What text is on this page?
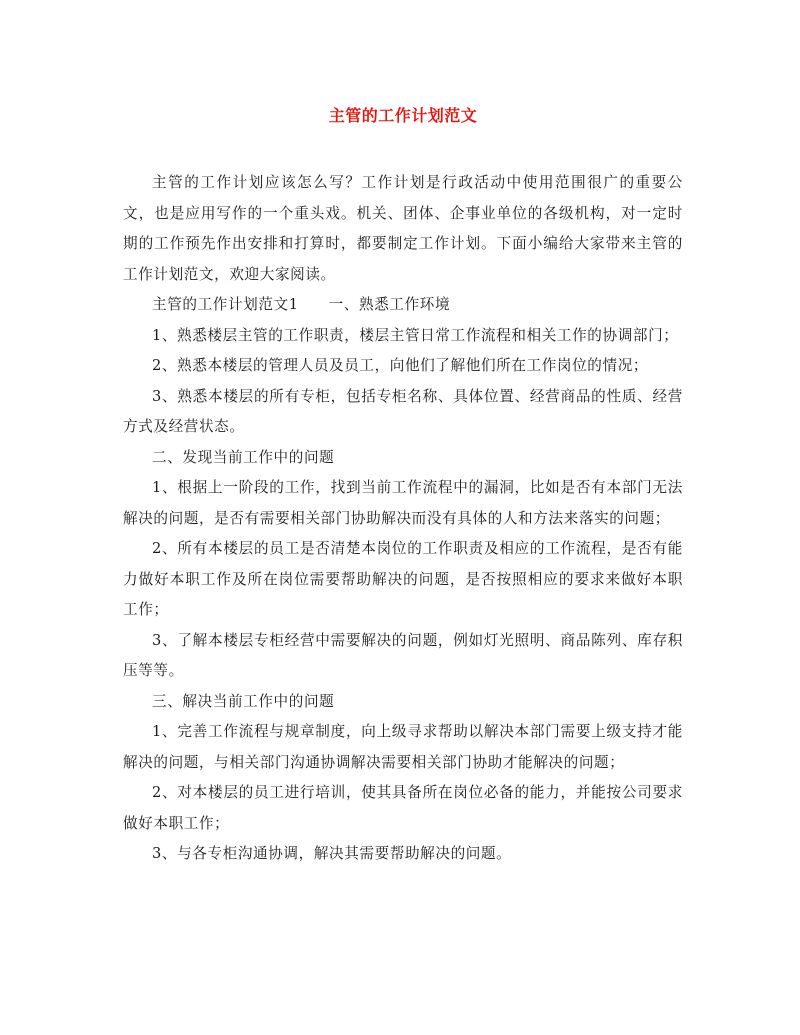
主管的工作计划范文

主管的工作计划应该怎么写？工作计划是行政活动中使用范围很广的重要公文，也是应用写作的一个重头戏。机关、团体、企事业单位的各级机构，对一定时期的工作预先作出安排和打算时，都要制定工作计划。下面小编给大家带来主管的工作计划范文，欢迎大家阅读。

主管的工作计划范文1 一、熟悉工作环境

1、熟悉楼层主管的工作职责，楼层主管日常工作流程和相关工作的协调部门；

2、熟悉本楼层的管理人员及员工，向他们了解他们所在工作岗位的情况；

3、熟悉本楼层的所有专柜，包括专柜名称、具体位置、经营商品的性质、经营方式及经营状态。

二、发现当前工作中的问题

1、根据上一阶段的工作，找到当前工作流程中的漏洞，比如是否有本部门无法解决的问题，是否有需要相关部门协助解决而没有具体的人和方法来落实的问题；

2、所有本楼层的员工是否清楚本岗位的工作职责及相应的工作流程，是否有能力做好本职工作及所在岗位需要帮助解决的问题，是否按照相应的要求来做好本职工作；

3、了解本楼层专柜经营中需要解决的问题，例如灯光照明、商品陈列、库存积压等等。

三、解决当前工作中的问题

1、完善工作流程与规章制度，向上级寻求帮助以解决本部门需要上级支持才能解决的问题，与相关部门沟通协调解决需要相关部门协助才能解决的问题；

2、对本楼层的员工进行培训，使其具备所在岗位必备的能力，并能按公司要求做好本职工作；

3、与各专柜沟通协调，解决其需要帮助解决的问题。
